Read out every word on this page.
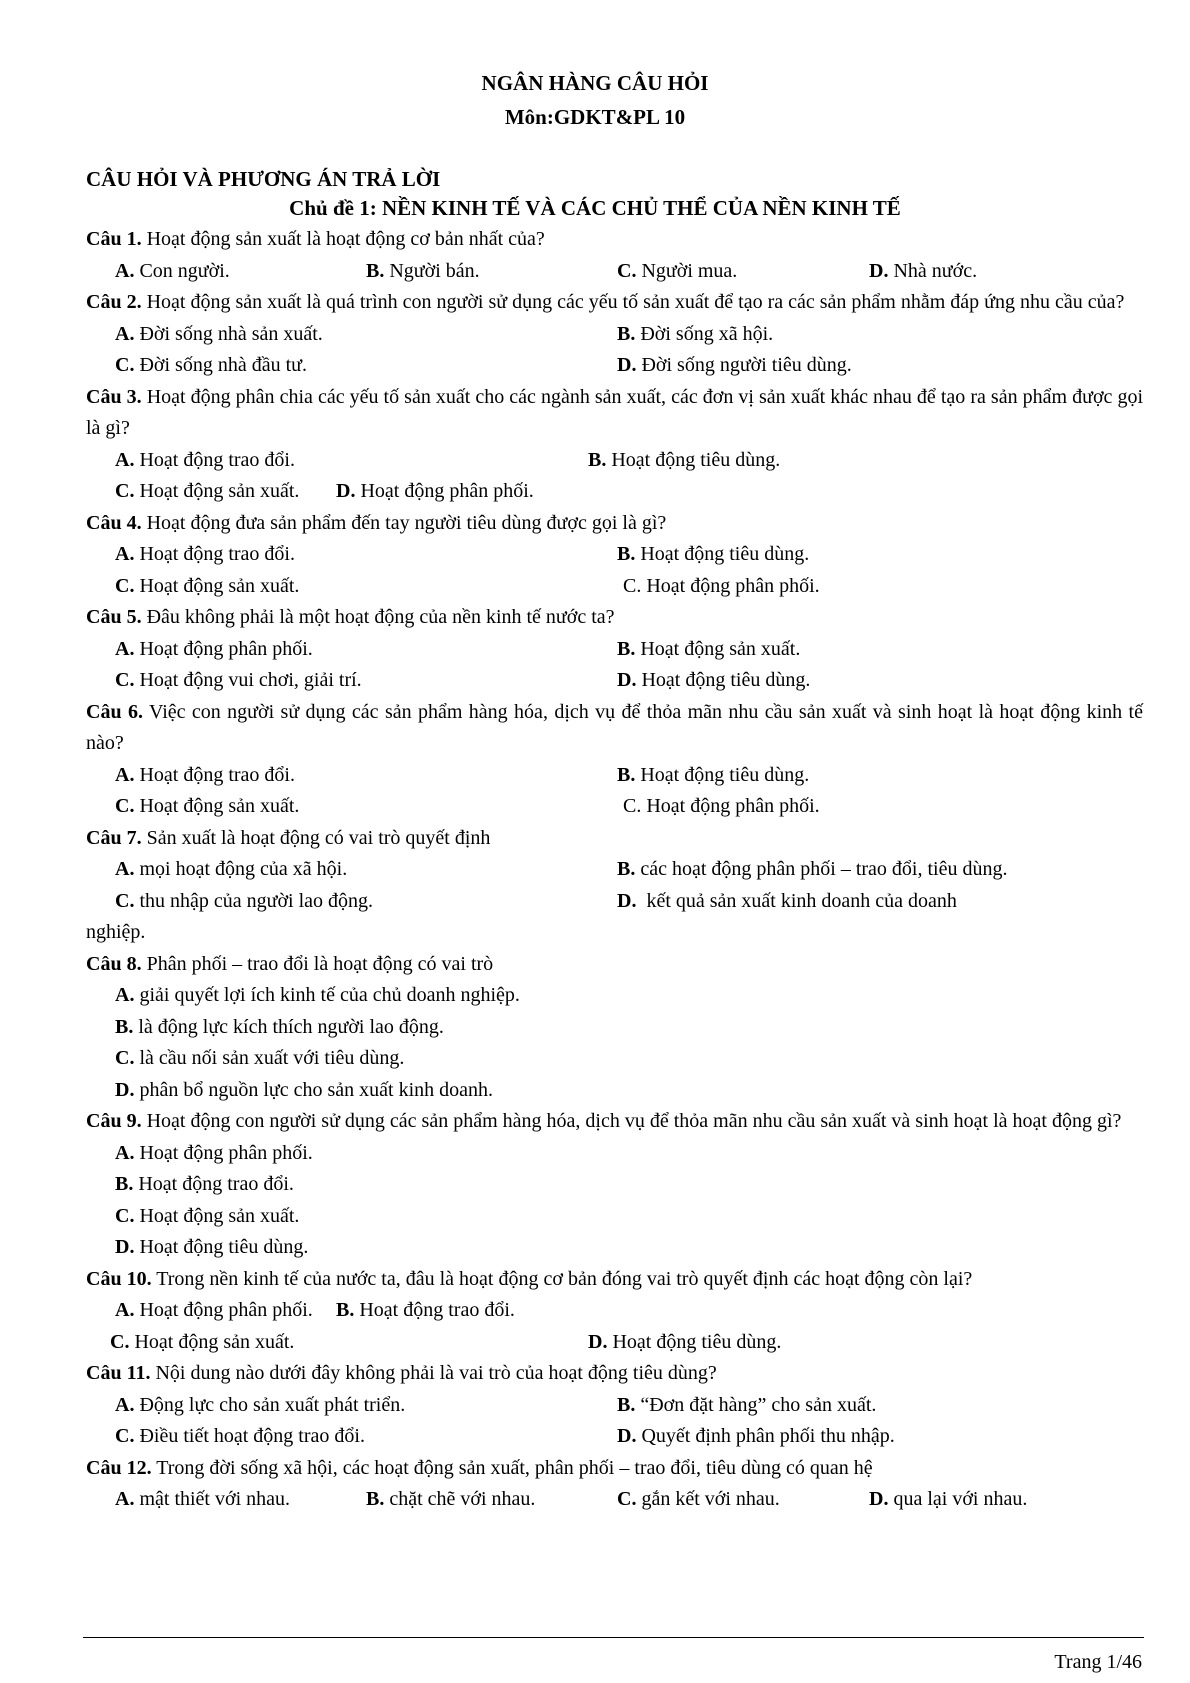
NGÂN HÀNG CÂU HỎI
Môn:GDKT&PL 10
CÂU HỎI VÀ PHƯƠNG ÁN TRẢ LỜI
Chủ đề 1: NỀN KINH TẾ VÀ CÁC CHỦ THỂ CỦA NỀN KINH TẾ
Câu 1. Hoạt động sản xuất là hoạt động cơ bản nhất của?
A. Con người.	B. Người bán.	C. Người mua.	D. Nhà nước.
Câu 2. Hoạt động sản xuất là quá trình con người sử dụng các yếu tố sản xuất để tạo ra các sản phẩm nhằm đáp ứng nhu cầu của?
A. Đời sống nhà sản xuất.	B. Đời sống xã hội.
C. Đời sống nhà đầu tư.	D. Đời sống người tiêu dùng.
Câu 3. Hoạt động phân chia các yếu tố sản xuất cho các ngành sản xuất, các đơn vị sản xuất khác nhau để tạo ra sản phẩm được gọi là gì?
A. Hoạt động trao đổi.	B. Hoạt động tiêu dùng.
C. Hoạt động sản xuất. D. Hoạt động phân phối.
Câu 4. Hoạt động đưa sản phẩm đến tay người tiêu dùng được gọi là gì?
A. Hoạt động trao đổi.	B. Hoạt động tiêu dùng.
C. Hoạt động sản xuất.	C. Hoạt động phân phối.
Câu 5. Đâu không phải là một hoạt động của nền kinh tế nước ta?
A. Hoạt động phân phối.	B. Hoạt động sản xuất.
C. Hoạt động vui chơi, giải trí.	D. Hoạt động tiêu dùng.
Câu 6. Việc con người sử dụng các sản phẩm hàng hóa, dịch vụ để thỏa mãn nhu cầu sản xuất và sinh hoạt là hoạt động kinh tế nào?
A. Hoạt động trao đổi.	B. Hoạt động tiêu dùng.
C. Hoạt động sản xuất.	C. Hoạt động phân phối.
Câu 7. Sản xuất là hoạt động có vai trò quyết định
A. mọi hoạt động của xã hội.	B. các hoạt động phân phối – trao đổi, tiêu dùng.
C. thu nhập của người lao động.	D. kết quả sản xuất kinh doanh của doanh
nghiệp.
Câu 8. Phân phối – trao đổi là hoạt động có vai trò
A. giải quyết lợi ích kinh tế của chủ doanh nghiệp.
B. là động lực kích thích người lao động.
C. là cầu nối sản xuất với tiêu dùng.
D. phân bổ nguồn lực cho sản xuất kinh doanh.
Câu 9. Hoạt động con người sử dụng các sản phẩm hàng hóa, dịch vụ để thỏa mãn nhu cầu sản xuất và sinh hoạt là hoạt động gì?
A. Hoạt động phân phối.
B. Hoạt động trao đổi.
C. Hoạt động sản xuất.
D. Hoạt động tiêu dùng.
Câu 10. Trong nền kinh tế của nước ta, đâu là hoạt động cơ bản đóng vai trò quyết định các hoạt động còn lại?
A. Hoạt động phân phối. B. Hoạt động trao đổi.
C. Hoạt động sản xuất.	D. Hoạt động tiêu dùng.
Câu 11. Nội dung nào dưới đây không phải là vai trò của hoạt động tiêu dùng?
A. Động lực cho sản xuất phát triển.	B. “Đơn đặt hàng” cho sản xuất.
C. Điều tiết hoạt động trao đổi.	D. Quyết định phân phối thu nhập.
Câu 12. Trong đời sống xã hội, các hoạt động sản xuất, phân phối – trao đổi, tiêu dùng có quan hệ
A. mật thiết với nhau.	B. chặt chẽ với nhau.	C. gắn kết với nhau.	D. qua lại với nhau.
Trang 1/46
